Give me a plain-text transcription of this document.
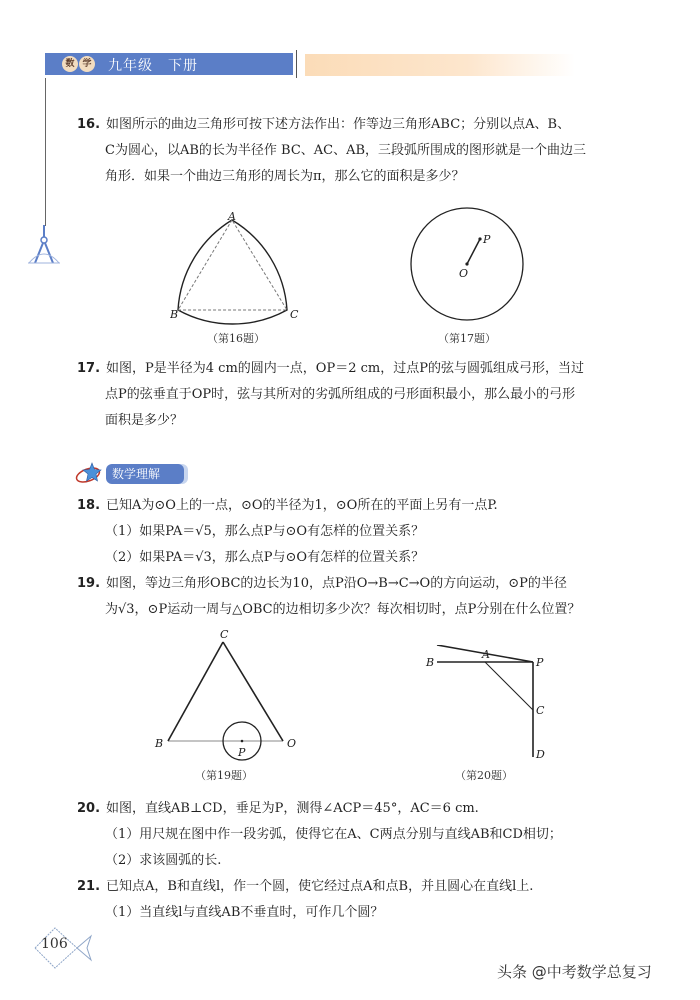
数 学 九年级　下册
16. 如图所示的曲边三角形可按下述方法作出：作等边三角形ABC；分别以点A、B、
C为圆心，以AB的长为半径作 BC、AC、AB，三段弧所围成的图形就是一个曲边三
角形．如果一个曲边三角形的周长为π，那么它的面积是多少？
A
B	C
（第16题）
P
O
（第17题）
17. 如图，P是半径为4 cm的圆内一点，OP＝2 cm，过点P的弦与圆弧组成弓形，当过
点P的弦垂直于OP时，弦与其所对的劣弧所组成的弓形面积最小，那么最小的弓形
面积是多少？
数学理解
18. 已知A为⊙O上的一点，⊙O的半径为1，⊙O所在的平面上另有一点P.
（1）如果PA＝√5，那么点P与⊙O有怎样的位置关系？
（2）如果PA＝√3，那么点P与⊙O有怎样的位置关系？
19. 如图，等边三角形OBC的边长为10，点P沿O→B→C→O的方向运动，⊙P的半径
为√3，⊙P运动一周与△OBC的边相切多少次？每次相切时，点P分别在什么位置？
C
B	O
P
（第19题）
B
A
P
C
D
（第20题）
20. 如图，直线AB⊥CD，垂足为P，测得∠ACP＝45°，AC＝6 cm.
（1）用尺规在图中作一段劣弧，使得它在A、C两点分别与直线AB和CD相切；
（2）求该圆弧的长.
21. 已知点A，B和直线l，作一个圆，使它经过点A和点B，并且圆心在直线l上.
（1）当直线l与直线AB不垂直时，可作几个圆？
106
头条 @中考数学总复习
